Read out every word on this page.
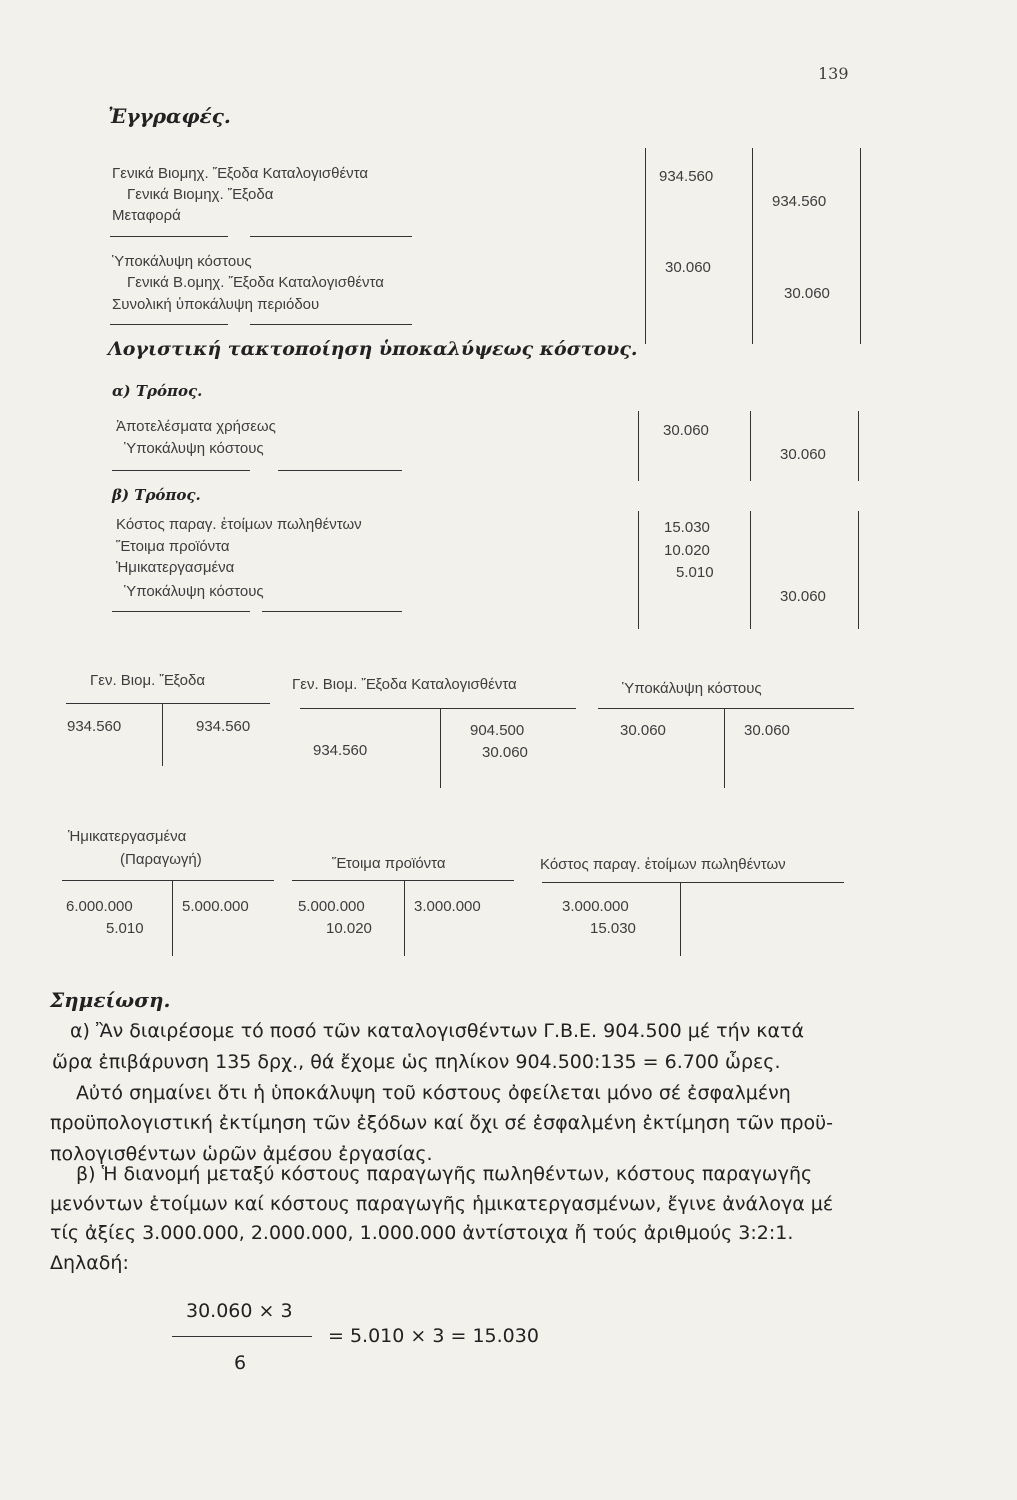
139
Ἐγγραφές.
Γενικά Βιομηχ. Ἔξοδα Καταλογισθέντα
Γενικά Βιομηχ. Ἔξοδα
Μεταφορά
934.560
934.560
Ὑποκάλυψη κόστους
Γενικά Β.ομηχ. Ἔξοδα Καταλογισθέντα
Συνολική ὑποκάλυψη περιόδου
30.060
30.060
Λογιστική τακτοποίηση ὑποκαλύψεως κόστους.
α) Τρόπος.
Ἀποτελέσματα χρήσεως
Ὑποκάλυψη κόστους
30.060
30.060
β) Τρόπος.
Κόστος παραγ. ἑτοίμων πωληθέντων
Ἕτοιμα προϊόντα
Ἡμικατεργασμένα
Ὑποκάλυψη κόστους
15.030
10.020
5.010
30.060
Γεν. Βιομ. Ἔξοδα
934.560	934.560
Γεν. Βιομ. Ἔξοδα Καταλογισθέντα
934.560
904.500
30.060
Ὑποκάλυψη κόστους
30.060	30.060
Ἡμικατεργασμένα
(Παραγωγή)
6.000.000
5.010
5.000.000
Ἕτοιμα προϊόντα
5.000.000
10.020
3.000.000
Κόστος παραγ. ἑτοίμων πωληθέντων
3.000.000
15.030
Σημείωση.
α) Ἂν διαιρέσομε τό ποσό τῶν καταλογισθέντων Γ.Β.Ε. 904.500 μέ τήν κατά
ὥρα ἐπιβάρυνση 135 δρχ., θά ἔχομε ὡς πηλίκον 904.500:135 = 6.700 ὧρες.
Αὐτό σημαίνει ὅτι ἡ ὑποκάλυψη τοῦ κόστους ὀφείλεται μόνο σέ ἐσφαλμένη
προϋπολογιστική ἐκτίμηση τῶν ἐξόδων καί ὄχι σέ ἐσφαλμένη ἐκτίμηση τῶν προϋ-
πολογισθέντων ὡρῶν ἀμέσου ἐργασίας.
β) Ἡ διανομή μεταξύ κόστους παραγωγῆς πωληθέντων, κόστους παραγωγῆς
μενόντων ἑτοίμων καί κόστους παραγωγῆς ἡμικατεργασμένων, ἔγινε ἀνάλογα μέ
τίς ἀξίες 3.000.000, 2.000.000, 1.000.000 ἀντίστοιχα ἤ τούς ἀριθμούς 3:2:1.
Δηλαδή:
30.060 × 3
6
= 5.010 × 3 = 15.030
